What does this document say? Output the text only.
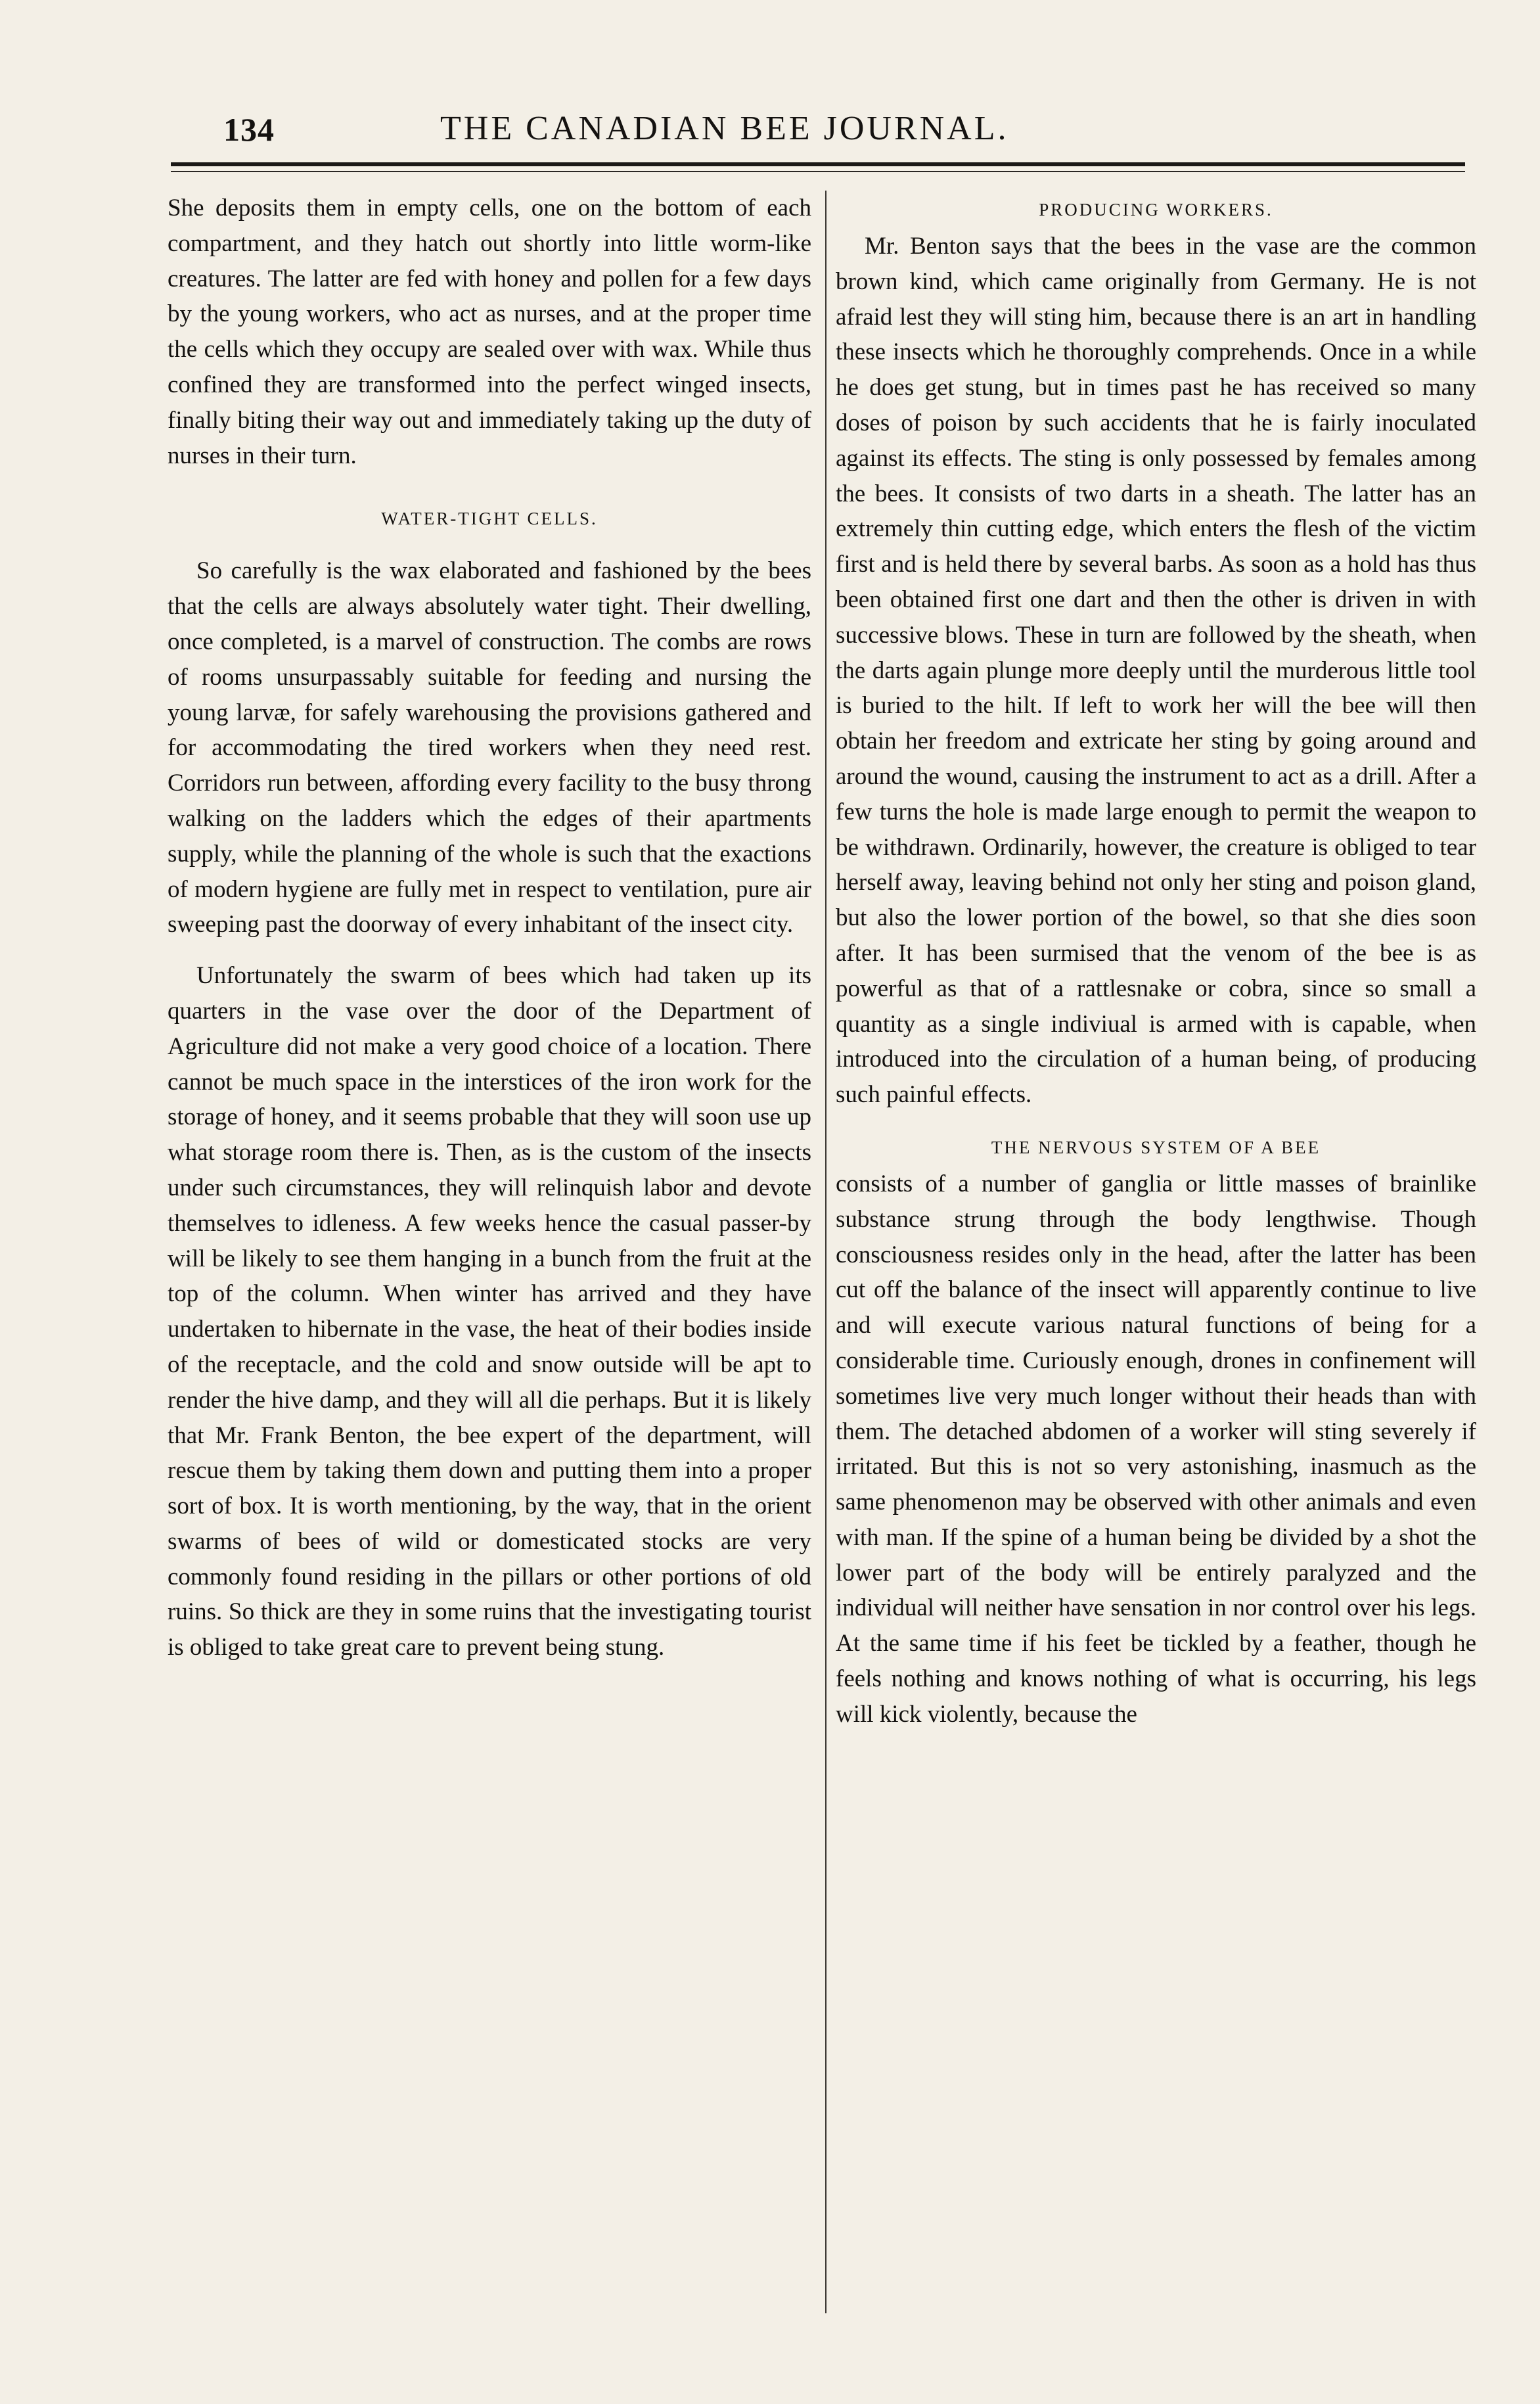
134	THE CANADIAN BEE JOURNAL.

She deposits them in empty cells, one on the bottom of each compartment, and they hatch out shortly into little worm-like creatures. The latter are fed with honey and pollen for a few days by the young workers, who act as nurses, and at the proper time the cells which they occupy are sealed over with wax. While thus confined they are transformed into the perfect winged insects, finally biting their way out and immediately taking up the duty of nurses in their turn.

WATER-TIGHT CELLS.

So carefully is the wax elaborated and fashioned by the bees that the cells are always absolutely water tight. Their dwelling, once completed, is a marvel of construction. The combs are rows of rooms unsurpassably suitable for feeding and nursing the young larvæ, for safely warehousing the provisions gathered and for accommodating the tired workers when they need rest. Corridors run between, affording every facility to the busy throng walking on the ladders which the edges of their apartments supply, while the planning of the whole is such that the exactions of modern hygiene are fully met in respect to ventilation, pure air sweeping past the doorway of every inhabitant of the insect city.

Unfortunately the swarm of bees which had taken up its quarters in the vase over the door of the Department of Agriculture did not make a very good choice of a location. There cannot be much space in the interstices of the iron work for the storage of honey, and it seems probable that they will soon use up what storage room there is. Then, as is the custom of the insects under such circumstances, they will relinquish labor and devote themselves to idleness. A few weeks hence the casual passer-by will be likely to see them hanging in a bunch from the fruit at the top of the column. When winter has arrived and they have undertaken to hibernate in the vase, the heat of their bodies inside of the receptacle, and the cold and snow outside will be apt to render the hive damp, and they will all die perhaps. But it is likely that Mr. Frank Benton, the bee expert of the department, will rescue them by taking them down and putting them into a proper sort of box. It is worth mentioning, by the way, that in the orient swarms of bees of wild or domesticated stocks are very commonly found residing in the pillars or other portions of old ruins. So thick are they in some ruins that the investigating tourist is obliged to take great care to prevent being stung.

PRODUCING WORKERS.

Mr. Benton says that the bees in the vase are the common brown kind, which came originally from Germany. He is not afraid lest they will sting him, because there is an art in handling these insects which he thoroughly comprehends. Once in a while he does get stung, but in times past he has received so many doses of poison by such accidents that he is fairly inoculated against its effects. The sting is only possessed by females among the bees. It consists of two darts in a sheath. The latter has an extremely thin cutting edge, which enters the flesh of the victim first and is held there by several barbs. As soon as a hold has thus been obtained first one dart and then the other is driven in with successive blows. These in turn are followed by the sheath, when the darts again plunge more deeply until the murderous little tool is buried to the hilt. If left to work her will the bee will then obtain her freedom and extricate her sting by going around and around the wound, causing the instrument to act as a drill. After a few turns the hole is made large enough to permit the weapon to be withdrawn. Ordinarily, however, the creature is obliged to tear herself away, leaving behind not only her sting and poison gland, but also the lower portion of the bowel, so that she dies soon after. It has been surmised that the venom of the bee is as powerful as that of a rattlesnake or cobra, since so small a quantity as a single indiviual is armed with is capable, when introduced into the circulation of a human being, of producing such painful effects.

THE NERVOUS SYSTEM OF A BEE

consists of a number of ganglia or little masses of brainlike substance strung through the body lengthwise. Though consciousness resides only in the head, after the latter has been cut off the balance of the insect will apparently continue to live and will execute various natural functions of being for a considerable time. Curiously enough, drones in confinement will sometimes live very much longer without their heads than with them. The detached abdomen of a worker will sting severely if irritated. But this is not so very astonishing, inasmuch as the same phenomenon may be observed with other animals and even with man. If the spine of a human being be divided by a shot the lower part of the body will be entirely paralyzed and the individual will neither have sensation in nor control over his legs. At the same time if his feet be tickled by a feather, though he feels nothing and knows nothing of what is occurring, his legs will kick violently, because the
